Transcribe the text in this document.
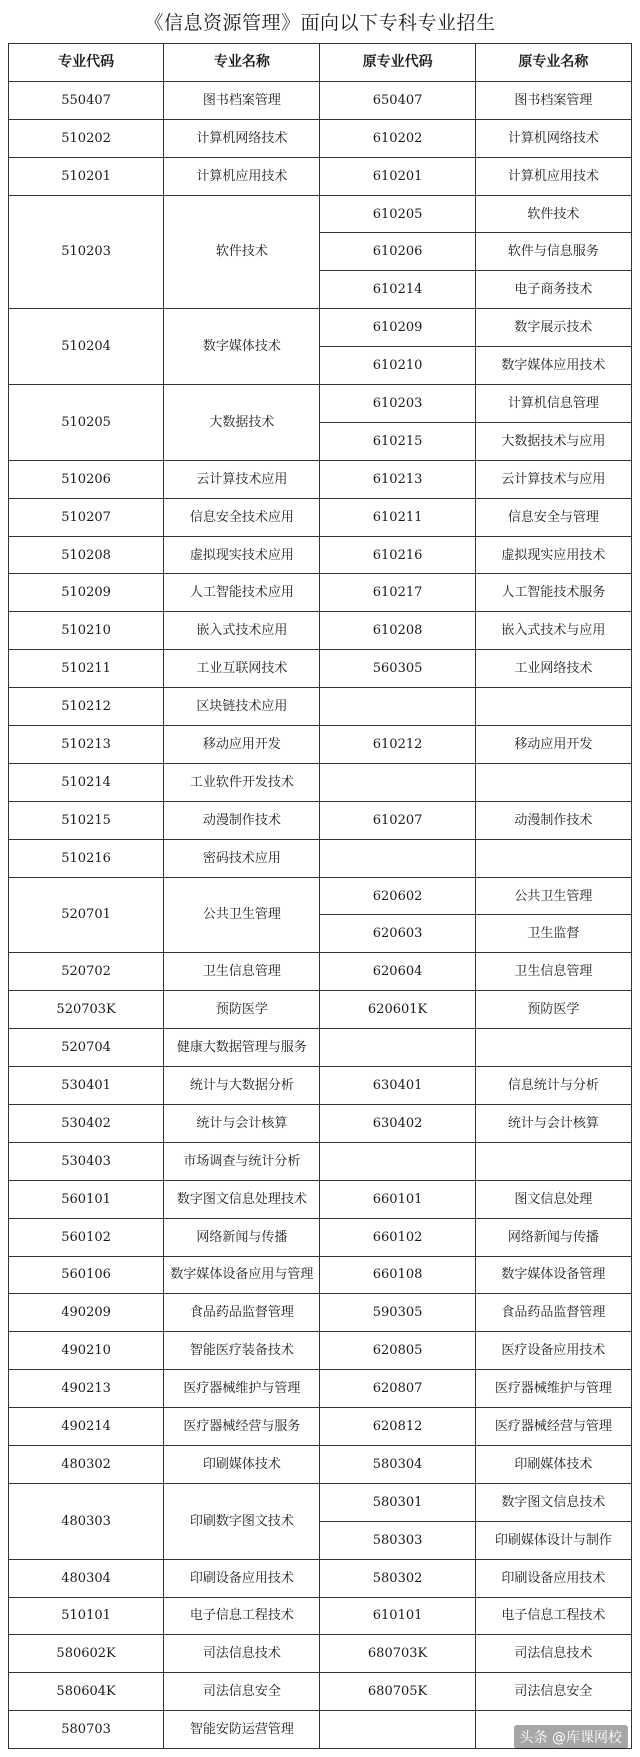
《信息资源管理》面向以下专科专业招生
专业代码	专业名称	原专业代码	原专业名称
550407	图书档案管理	650407	图书档案管理
510202	计算机网络技术	610202	计算机网络技术
510201	计算机应用技术	610201	计算机应用技术
510203	软件技术	610205	软件技术
		610206	软件与信息服务
		610214	电子商务技术
510204	数字媒体技术	610209	数字展示技术
		610210	数字媒体应用技术
510205	大数据技术	610203	计算机信息管理
		610215	大数据技术与应用
510206	云计算技术应用	610213	云计算技术与应用
510207	信息安全技术应用	610211	信息安全与管理
510208	虚拟现实技术应用	610216	虚拟现实应用技术
510209	人工智能技术应用	610217	人工智能技术服务
510210	嵌入式技术应用	610208	嵌入式技术与应用
510211	工业互联网技术	560305	工业网络技术
510212	区块链技术应用		
510213	移动应用开发	610212	移动应用开发
510214	工业软件开发技术		
510215	动漫制作技术	610207	动漫制作技术
510216	密码技术应用		
520701	公共卫生管理	620602	公共卫生管理
		620603	卫生监督
520702	卫生信息管理	620604	卫生信息管理
520703K	预防医学	620601K	预防医学
520704	健康大数据管理与服务		
530401	统计与大数据分析	630401	信息统计与分析
530402	统计与会计核算	630402	统计与会计核算
530403	市场调查与统计分析		
560101	数字图文信息处理技术	660101	图文信息处理
560102	网络新闻与传播	660102	网络新闻与传播
560106	数字媒体设备应用与管理	660108	数字媒体设备管理
490209	食品药品监督管理	590305	食品药品监督管理
490210	智能医疗装备技术	620805	医疗设备应用技术
490213	医疗器械维护与管理	620807	医疗器械维护与管理
490214	医疗器械经营与服务	620812	医疗器械经营与管理
480302	印刷媒体技术	580304	印刷媒体技术
480303	印刷数字图文技术	580301	数字图文信息技术
		580303	印刷媒体设计与制作
480304	印刷设备应用技术	580302	印刷设备应用技术
510101	电子信息工程技术	610101	电子信息工程技术
580602K	司法信息技术	680703K	司法信息技术
580604K	司法信息安全	680705K	司法信息安全
580703	智能安防运营管理		
头条 @库课网校
